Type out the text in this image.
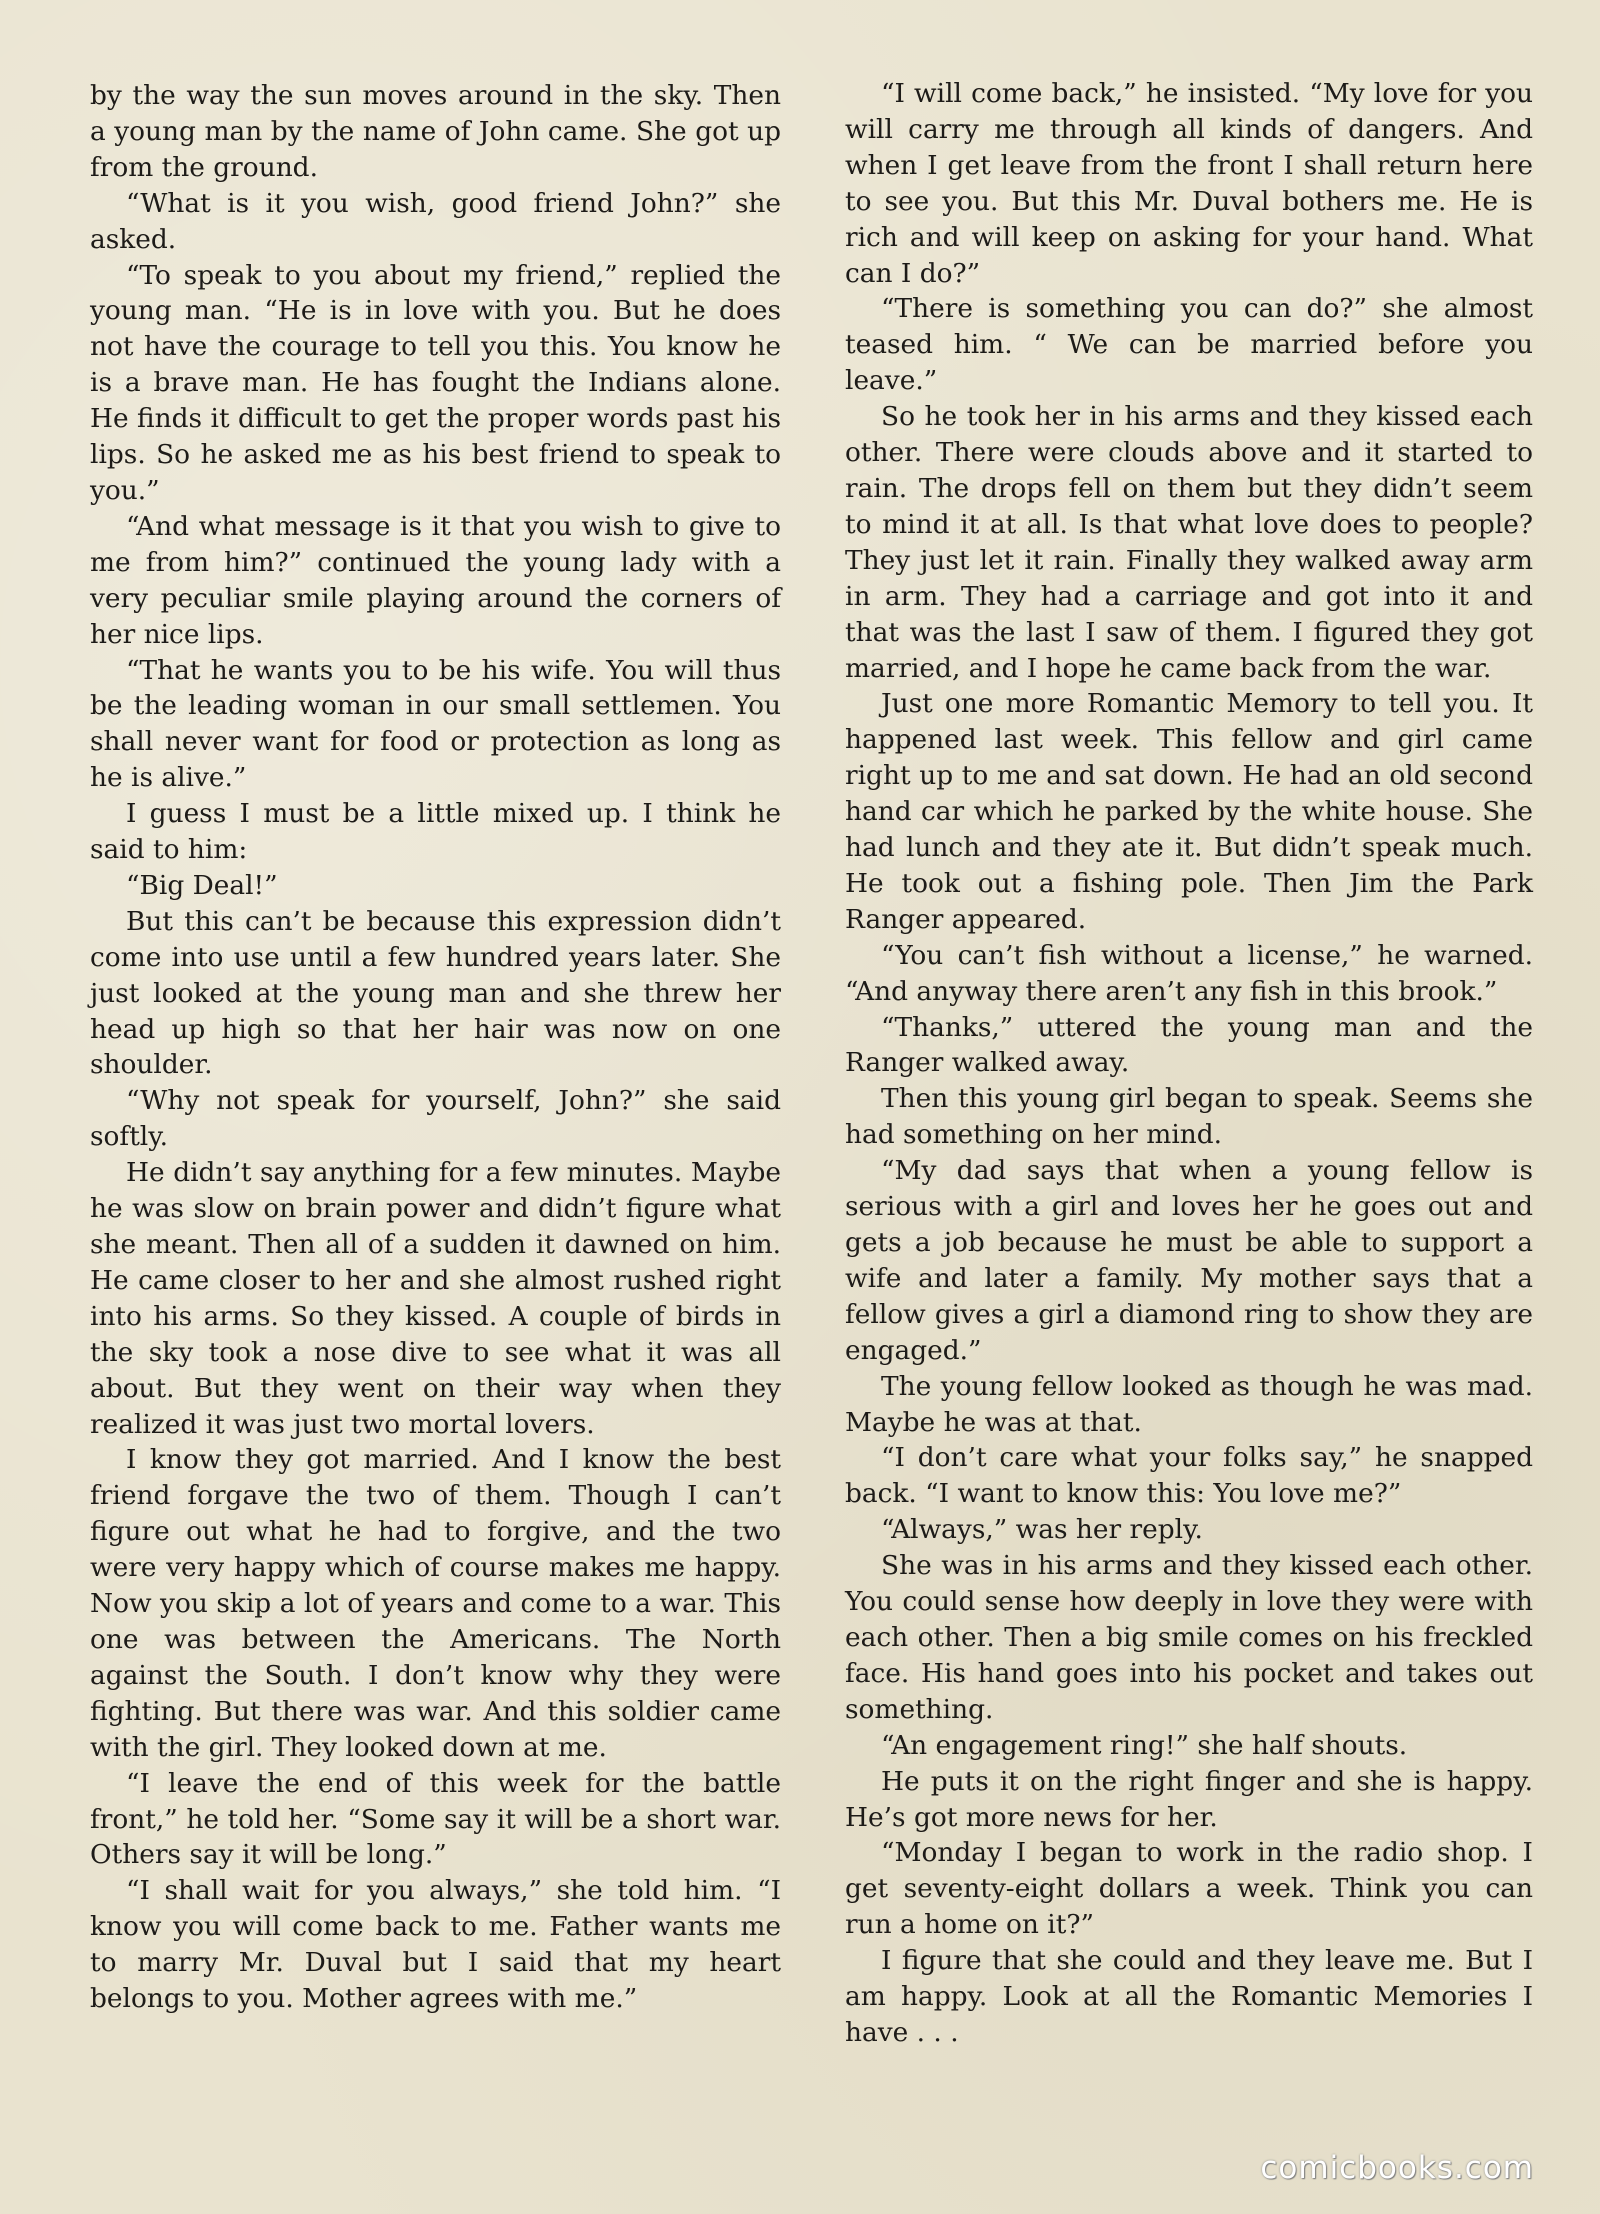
by the way the sun moves around in the sky. Then a young man by the name of John came. She got up from the ground.

“What is it you wish, good friend John?” she asked.

“To speak to you about my friend,” replied the young man. “He is in love with you. But he does not have the courage to tell you this. You know he is a brave man. He has fought the Indians alone. He finds it difficult to get the proper words past his lips. So he asked me as his best friend to speak to you.”

“And what message is it that you wish to give to me from him?” continued the young lady with a very peculiar smile playing around the corners of her nice lips.

“That he wants you to be his wife. You will thus be the leading woman in our small settlemen. You shall never want for food or protection as long as he is alive.”

I guess I must be a little mixed up. I think he said to him:

“Big Deal!”

But this can’t be because this expression didn’t come into use until a few hundred years later. She just looked at the young man and she threw her head up high so that her hair was now on one shoulder.

“Why not speak for yourself, John?” she said softly.

He didn’t say anything for a few minutes. Maybe he was slow on brain power and didn’t figure what she meant. Then all of a sudden it dawned on him. He came closer to her and she almost rushed right into his arms. So they kissed. A couple of birds in the sky took a nose dive to see what it was all about. But they went on their way when they realized it was just two mortal lovers.

I know they got married. And I know the best friend forgave the two of them. Though I can’t figure out what he had to forgive, and the two were very happy which of course makes me happy. Now you skip a lot of years and come to a war. This one was between the Americans. The North against the South. I don’t know why they were fighting. But there was war. And this soldier came with the girl. They looked down at me.

“I leave the end of this week for the battle front,” he told her. “Some say it will be a short war. Others say it will be long.”

“I shall wait for you always,” she told him. “I know you will come back to me. Father wants me to marry Mr. Duval but I said that my heart belongs to you. Mother agrees with me.”

“I will come back,” he insisted. “My love for you will carry me through all kinds of dangers. And when I get leave from the front I shall return here to see you. But this Mr. Duval bothers me. He is rich and will keep on asking for your hand. What can I do?”

“There is something you can do?” she almost teased him. “ We can be married before you leave.”

So he took her in his arms and they kissed each other. There were clouds above and it started to rain. The drops fell on them but they didn’t seem to mind it at all. Is that what love does to people? They just let it rain. Finally they walked away arm in arm. They had a carriage and got into it and that was the last I saw of them. I figured they got married, and I hope he came back from the war.

Just one more Romantic Memory to tell you. It happened last week. This fellow and girl came right up to me and sat down. He had an old second hand car which he parked by the white house. She had lunch and they ate it. But didn’t speak much. He took out a fishing pole. Then Jim the Park Ranger appeared.

“You can’t fish without a license,” he warned. “And anyway there aren’t any fish in this brook.”

“Thanks,” uttered the young man and the Ranger walked away.

Then this young girl began to speak. Seems she had something on her mind.

“My dad says that when a young fellow is serious with a girl and loves her he goes out and gets a job because he must be able to support a wife and later a family. My mother says that a fellow gives a girl a diamond ring to show they are engaged.”

The young fellow looked as though he was mad. Maybe he was at that.

“I don’t care what your folks say,” he snapped back. “I want to know this: You love me?”

“Always,” was her reply.

She was in his arms and they kissed each other. You could sense how deeply in love they were with each other. Then a big smile comes on his freckled face. His hand goes into his pocket and takes out something.

“An engagement ring!” she half shouts.

He puts it on the right finger and she is happy. He’s got more news for her.

“Monday I began to work in the radio shop. I get seventy-eight dollars a week. Think you can run a home on it?”

I figure that she could and they leave me. But I am happy. Look at all the Romantic Memories I have . . .

comicbooks.com
